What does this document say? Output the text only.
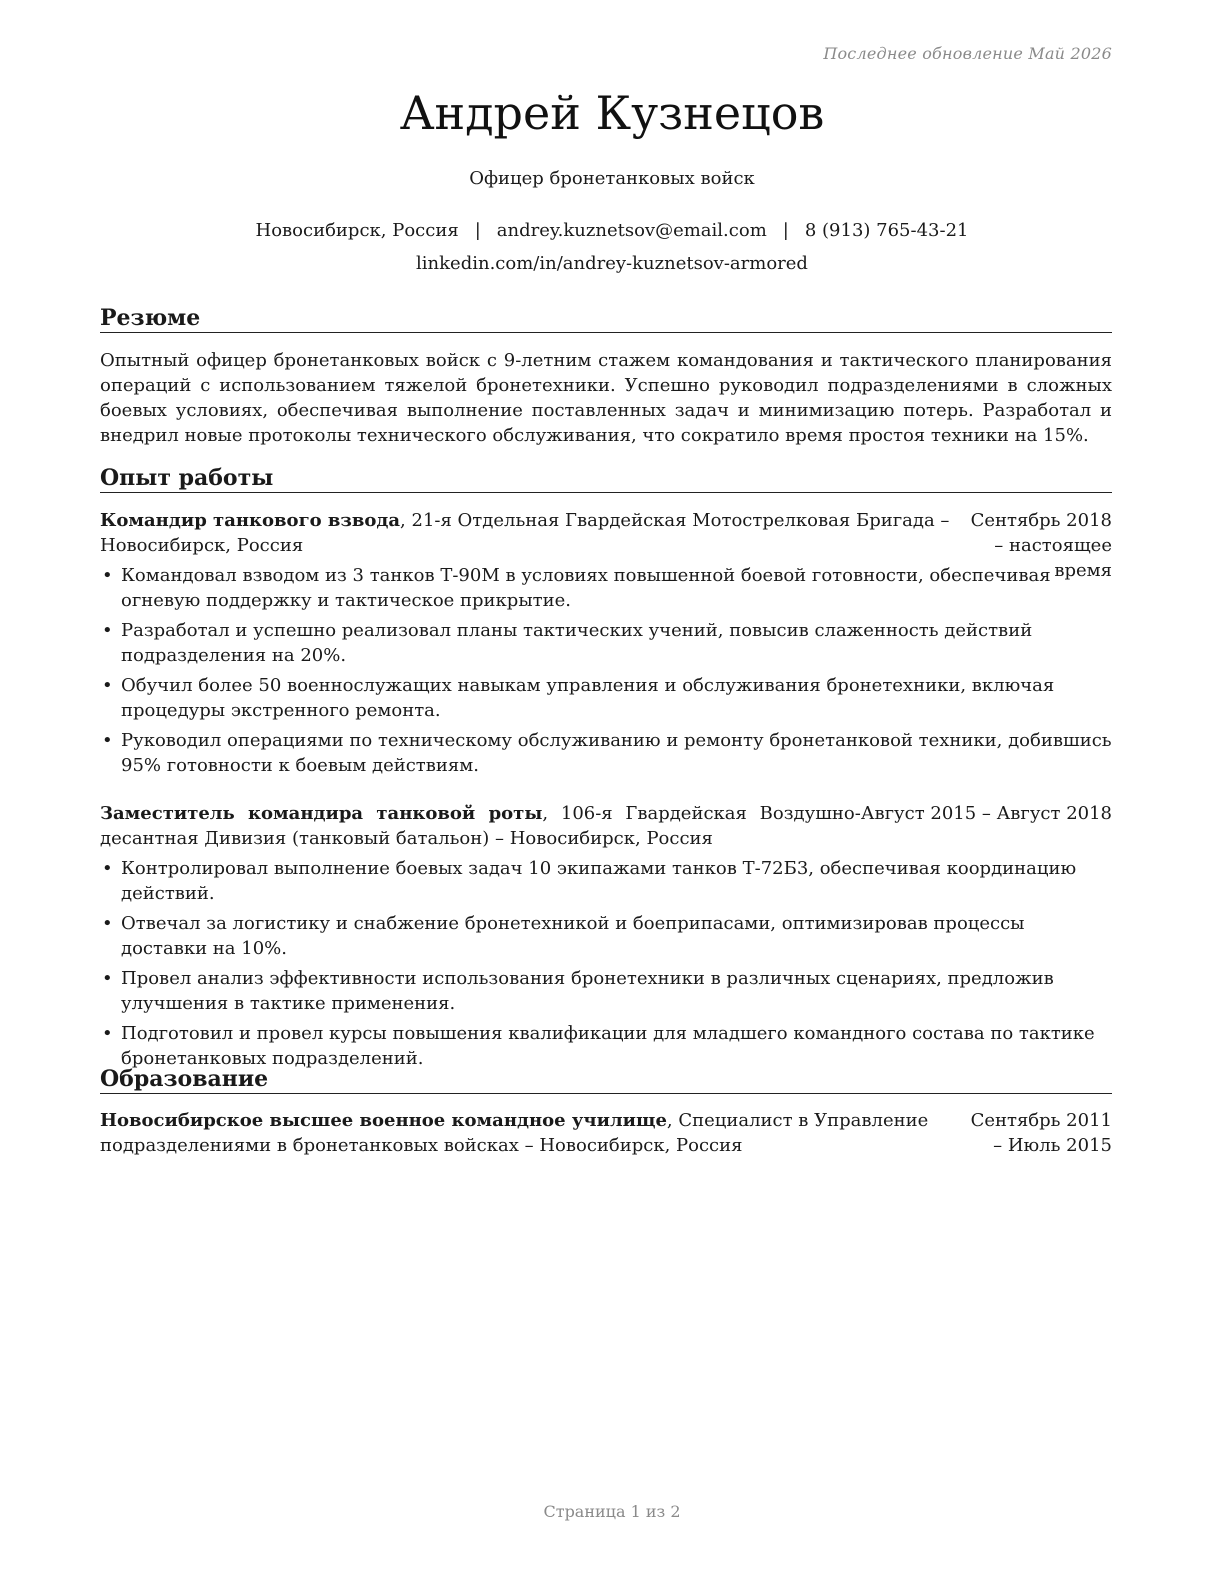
Последнее обновление Май 2026
Андрей Кузнецов
Офицер бронетанковых войск
Новосибирск, Россия | andrey.kuznetsov@email.com | 8 (913) 765-43-21
linkedin.com/in/andrey-kuznetsov-armored
Резюме
Опытный офицер бронетанковых войск с 9-летним стажем командования и тактического планирования операций с использованием тяжелой бронетехники. Успешно руководил подразделениями в сложных боевых условиях, обеспечивая выполнение поставленных задач и минимизацию потерь. Разработал и внедрил новые протоколы технического обслуживания, что сократило время простоя техники на 15%.
Опыт работы
Командир танкового взвода, 21-я Отдельная Гвардейская Мотострелковая Бригада – Новосибирск, Россия
Сентябрь 2018 – настоящее время
• Командовал взводом из 3 танков Т-90М в условиях повышенной боевой готовности, обеспечивая огневую поддержку и тактическое прикрытие.
• Разработал и успешно реализовал планы тактических учений, повысив слаженность действий подразделения на 20%.
• Обучил более 50 военнослужащих навыкам управления и обслуживания бронетехники, включая процедуры экстренного ремонта.
• Руководил операциями по техническому обслуживанию и ремонту бронетанковой техники, добившись 95% готовности к боевым действиям.
Заместитель командира танковой роты, 106-я Гвардейская Воздушно-десантная Дивизия (танковый батальон) – Новосибирск, Россия
Август 2015 – Август 2018
• Контролировал выполнение боевых задач 10 экипажами танков Т-72Б3, обеспечивая координацию действий.
• Отвечал за логистику и снабжение бронетехникой и боеприпасами, оптимизировав процессы доставки на 10%.
• Провел анализ эффективности использования бронетехники в различных сценариях, предложив улучшения в тактике применения.
• Подготовил и провел курсы повышения квалификации для младшего командного состава по тактике бронетанковых подразделений.
Образование
Новосибирское высшее военное командное училище, Специалист в Управление подразделениями в бронетанковых войсках – Новосибирск, Россия
Сентябрь 2011 – Июль 2015
Страница 1 из 2
